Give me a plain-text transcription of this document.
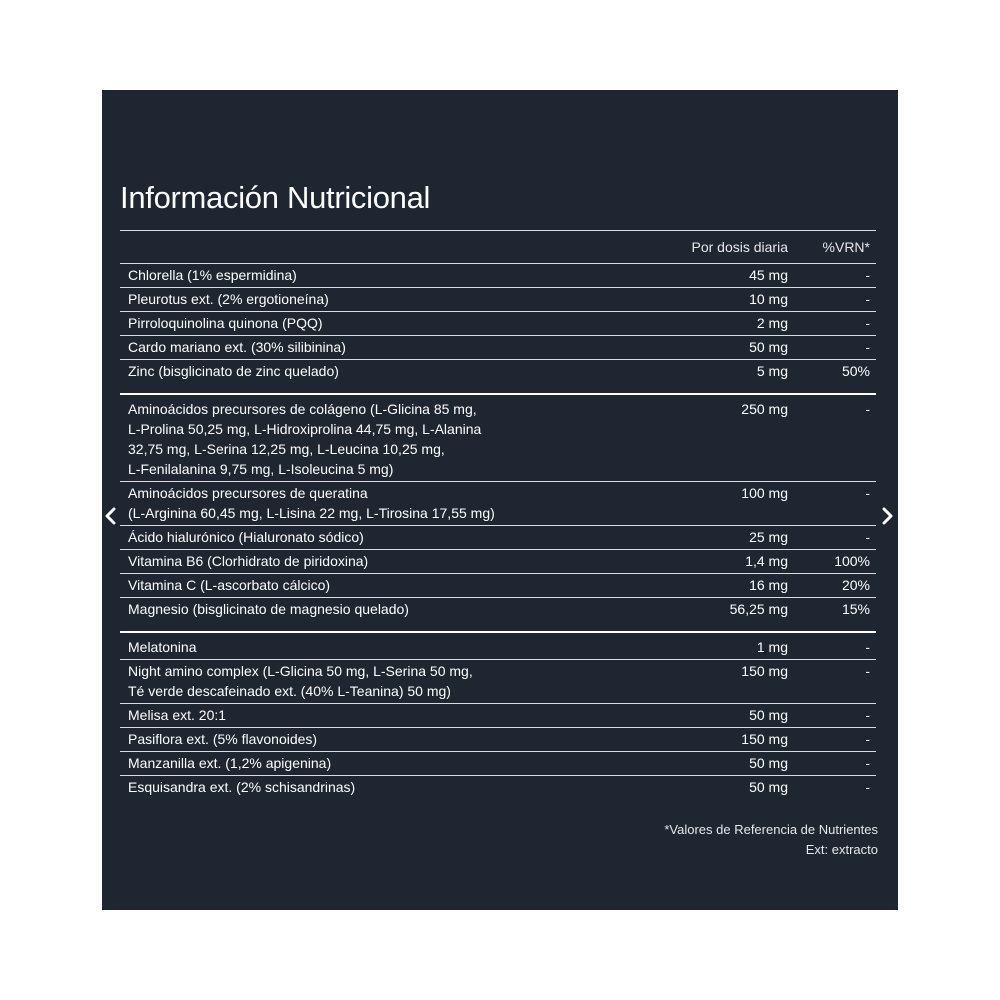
Información Nutricional
Por dosis diaria	%VRN*
Chlorella (1% espermidina)	45 mg	-
Pleurotus ext. (2% ergotioneína)	10 mg	-
Pirroloquinolina quinona (PQQ)	2 mg	-
Cardo mariano ext. (30% silibinina)	50 mg	-
Zinc (bisglicinato de zinc quelado)	5 mg	50%
Aminoácidos precursores de colágeno (L-Glicina 85 mg,
L-Prolina 50,25 mg, L-Hidroxiprolina 44,75 mg, L-Alanina
32,75 mg, L-Serina 12,25 mg, L-Leucina 10,25 mg,
L-Fenilalanina 9,75 mg, L-Isoleucina 5 mg)
250 mg	-
Aminoácidos precursores de queratina
(L-Arginina 60,45 mg, L-Lisina 22 mg, L-Tirosina 17,55 mg)
100 mg	-
Ácido hialurónico (Hialuronato sódico)	25 mg	-
Vitamina B6 (Clorhidrato de piridoxina)	1,4 mg	100%
Vitamina C (L-ascorbato cálcico)	16 mg	20%
Magnesio (bisglicinato de magnesio quelado)	56,25 mg	15%
Melatonina	1 mg	-
Night amino complex (L-Glicina 50 mg, L-Serina 50 mg,
Té verde descafeinado ext. (40% L-Teanina) 50 mg)
150 mg	-
Melisa ext. 20:1	50 mg	-
Pasiflora ext. (5% flavonoides)	150 mg	-
Manzanilla ext. (1,2% apigenina)	50 mg	-
Esquisandra ext. (2% schisandrinas)	50 mg	-
*Valores de Referencia de Nutrientes
Ext: extracto
